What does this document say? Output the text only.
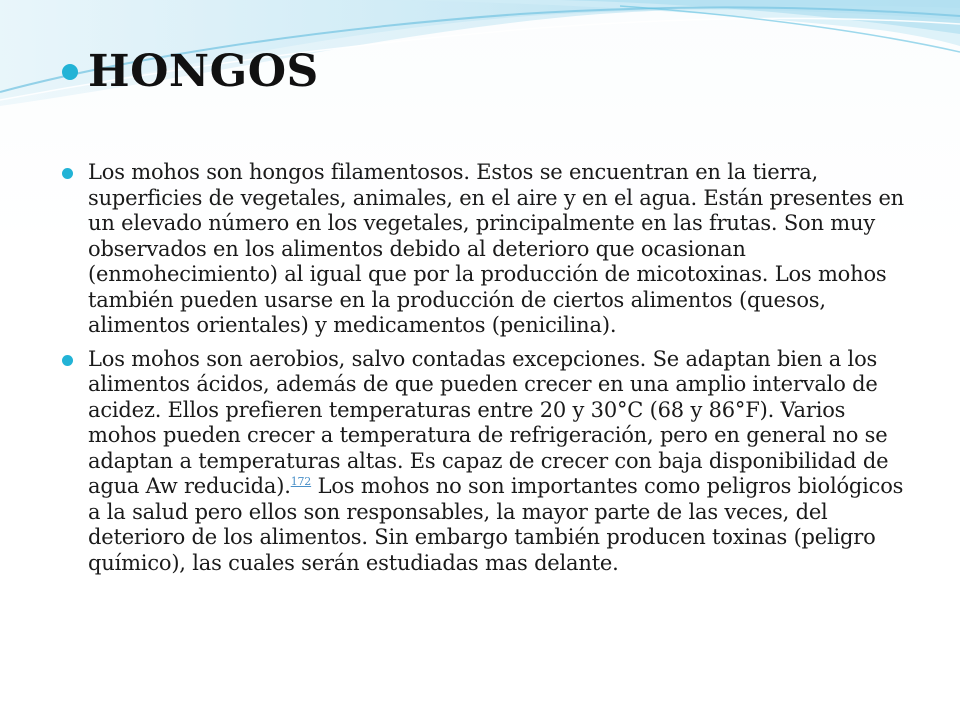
HONGOS
Los mohos son hongos filamentosos. Estos se encuentran en la tierra, superficies de vegetales, animales, en el aire y en el agua. Están presentes en un elevado número en los vegetales, principalmente en las frutas. Son muy observados en los alimentos debido al deterioro que ocasionan (enmohecimiento) al igual que por la producción de micotoxinas. Los mohos también pueden usarse en la producción de ciertos alimentos (quesos, alimentos orientales) y medicamentos (penicilina).
Los mohos son aerobios, salvo contadas excepciones. Se adaptan bien a los alimentos ácidos, además de que pueden crecer en una amplio intervalo de acidez. Ellos prefieren temperaturas entre 20 y 30°C (68 y 86°F). Varios mohos pueden crecer a temperatura de refrigeración, pero en general no se adaptan a temperaturas altas. Es capaz de crecer con baja disponibilidad de agua Aw reducida).$^{172}$ Los mohos no son importantes como peligros biológicos a la salud pero ellos son responsables, la mayor parte de las veces, del deterioro de los alimentos. Sin embargo también producen toxinas (peligro químico), las cuales serán estudiadas mas delante.
